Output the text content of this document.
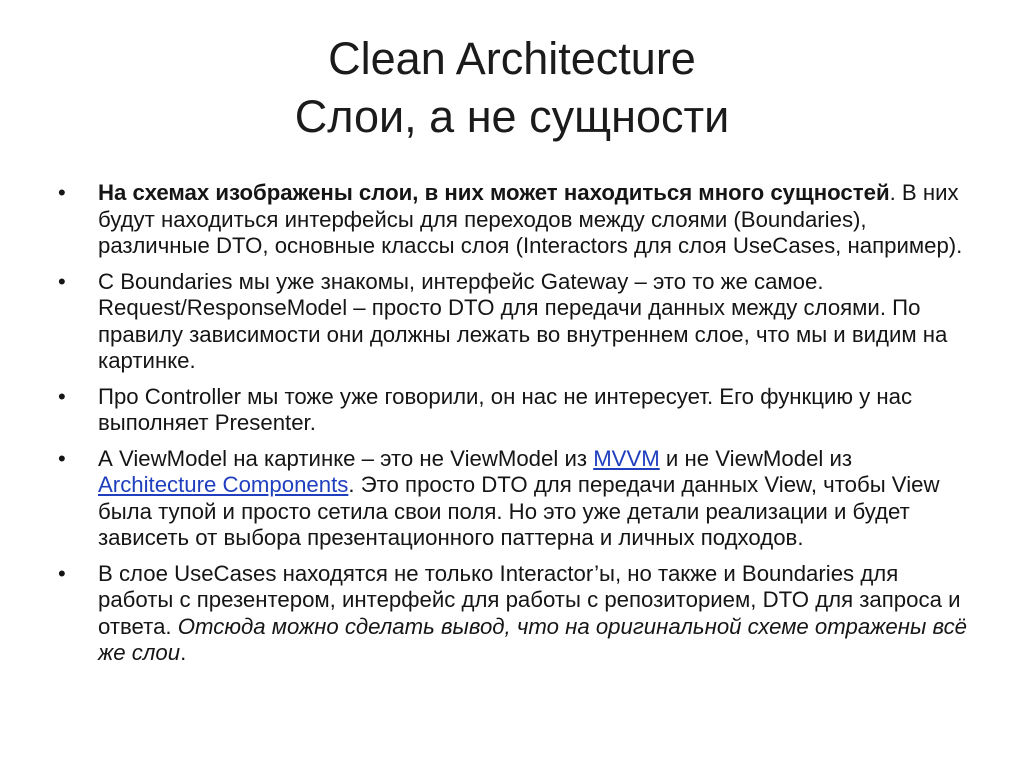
Clean Architecture
Слои, а не сущности
•	На схемах изображены слои, в них может находиться много сущностей. В них будут находиться интерфейсы для переходов между слоями (Boundaries), различные DTO, основные классы слоя (Interactors для слоя UseCases, например).
•	С Boundaries мы уже знакомы, интерфейс Gateway – это то же самое. Request/ResponseModel – просто DTO для передачи данных между слоями. По правилу зависимости они должны лежать во внутреннем слое, что мы и видим на картинке.
•	Про Controller мы тоже уже говорили, он нас не интересует. Его функцию у нас выполняет Presenter.
•	А ViewModel на картинке – это не ViewModel из MVVM и не ViewModel из Architecture Components. Это просто DTO для передачи данных View, чтобы View была тупой и просто сетила свои поля. Но это уже детали реализации и будет зависеть от выбора презентационного паттерна и личных подходов.
•	В слое UseCases находятся не только Interactor’ы, но также и Boundaries для работы с презентером, интерфейс для работы с репозиторием, DTO для запроса и ответа. Отсюда можно сделать вывод, что на оригинальной схеме отражены всё же слои.
